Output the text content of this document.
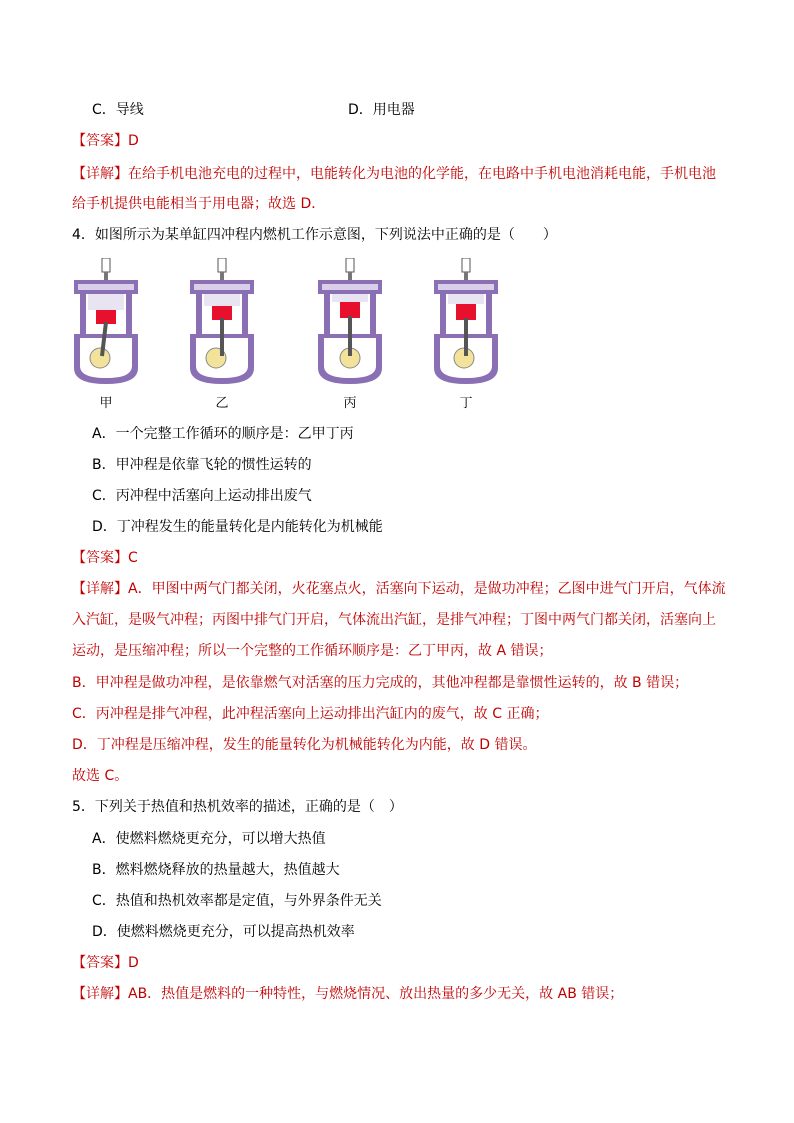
C．导线	D．用电器
【答案】D
【详解】在给手机电池充电的过程中，电能转化为电池的化学能，在电路中手机电池消耗电能，手机电池
给手机提供电能相当于用电器；故选 D．
4．如图所示为某单缸四冲程内燃机工作示意图，下列说法中正确的是（　　）
甲	乙	丙	丁
A．一个完整工作循环的顺序是：乙甲丁丙
B．甲冲程是依靠飞轮的惯性运转的
C．丙冲程中活塞向上运动排出废气
D．丁冲程发生的能量转化是内能转化为机械能
【答案】C
【详解】A．甲图中两气门都关闭，火花塞点火，活塞向下运动，是做功冲程；乙图中进气门开启，气体流
入汽缸，是吸气冲程；丙图中排气门开启，气体流出汽缸，是排气冲程；丁图中两气门都关闭，活塞向上
运动，是压缩冲程；所以一个完整的工作循环顺序是：乙丁甲丙，故 A 错误；
B．甲冲程是做功冲程，是依靠燃气对活塞的压力完成的，其他冲程都是靠惯性运转的，故 B 错误；
C．丙冲程是排气冲程，此冲程活塞向上运动排出汽缸内的废气，故 C 正确；
D．丁冲程是压缩冲程，发生的能量转化为机械能转化为内能，故 D 错误。
故选 C。
5．下列关于热值和热机效率的描述，正确的是（　）
A．使燃料燃烧更充分，可以增大热值
B．燃料燃烧释放的热量越大，热值越大
C．热值和热机效率都是定值，与外界条件无关
D．使燃料燃烧更充分，可以提高热机效率
【答案】D
【详解】AB．热值是燃料的一种特性，与燃烧情况、放出热量的多少无关，故 AB 错误；
